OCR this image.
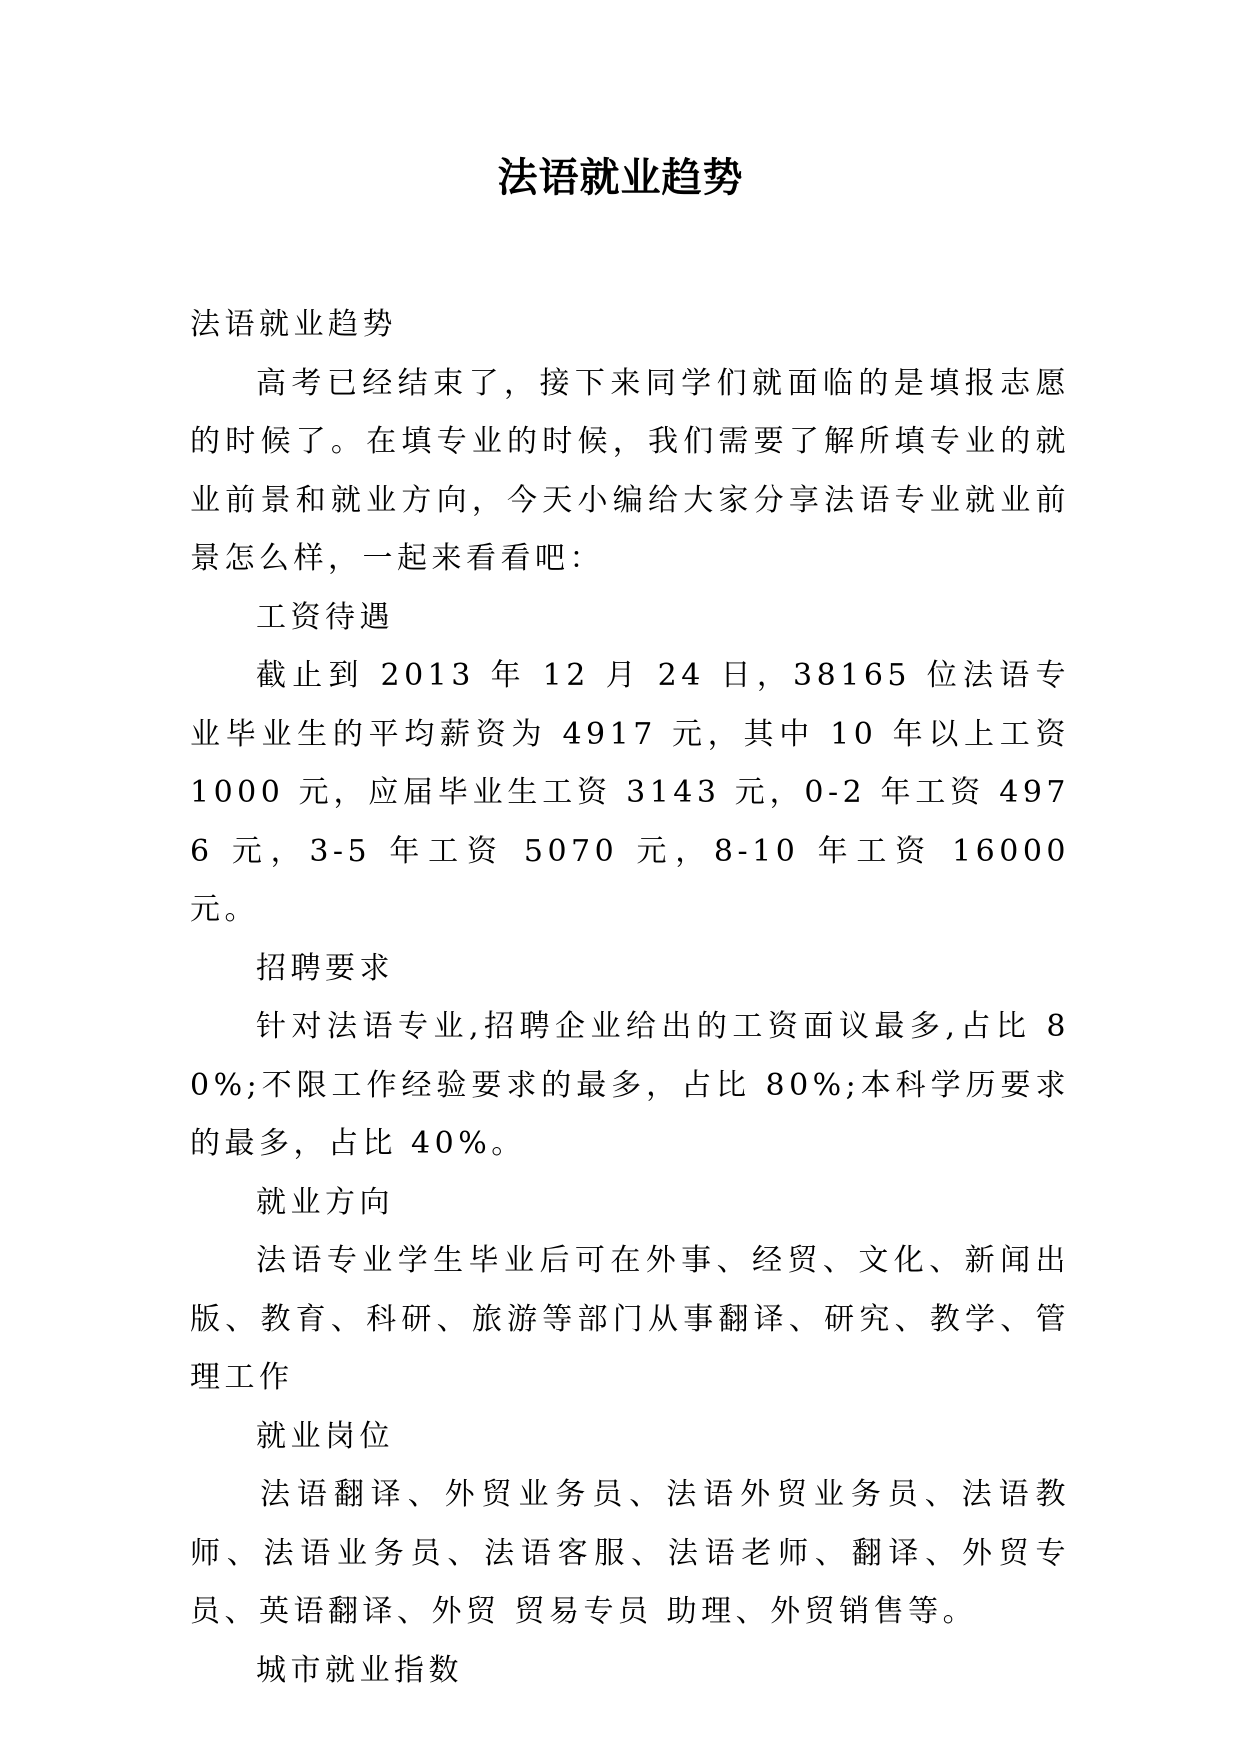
法语就业趋势

法语就业趋势

高考已经结束了，接下来同学们就面临的是填报志愿的时候了。在填专业的时候，我们需要了解所填专业的就业前景和就业方向，今天小编给大家分享法语专业就业前景怎么样，一起来看看吧：

工资待遇

截止到 2013 年 12 月 24 日，38165 位法语专业毕业生的平均薪资为 4917 元，其中 10 年以上工资 1000 元，应届毕业生工资 3143 元，0-2 年工资 4976 元，3-5 年工资 5070 元，8-10 年工资 16000 元。

招聘要求

针对法语专业,招聘企业给出的工资面议最多,占比 80%;不限工作经验要求的最多，占比 80%;本科学历要求的最多，占比 40%。

就业方向

法语专业学生毕业后可在外事、经贸、文化、新闻出版、教育、科研、旅游等部门从事翻译、研究、教学、管理工作

就业岗位

法语翻译、外贸业务员、法语外贸业务员、法语教师、法语业务员、法语客服、法语老师、翻译、外贸专员、英语翻译、外贸 贸易专员 助理、外贸销售等。

城市就业指数
